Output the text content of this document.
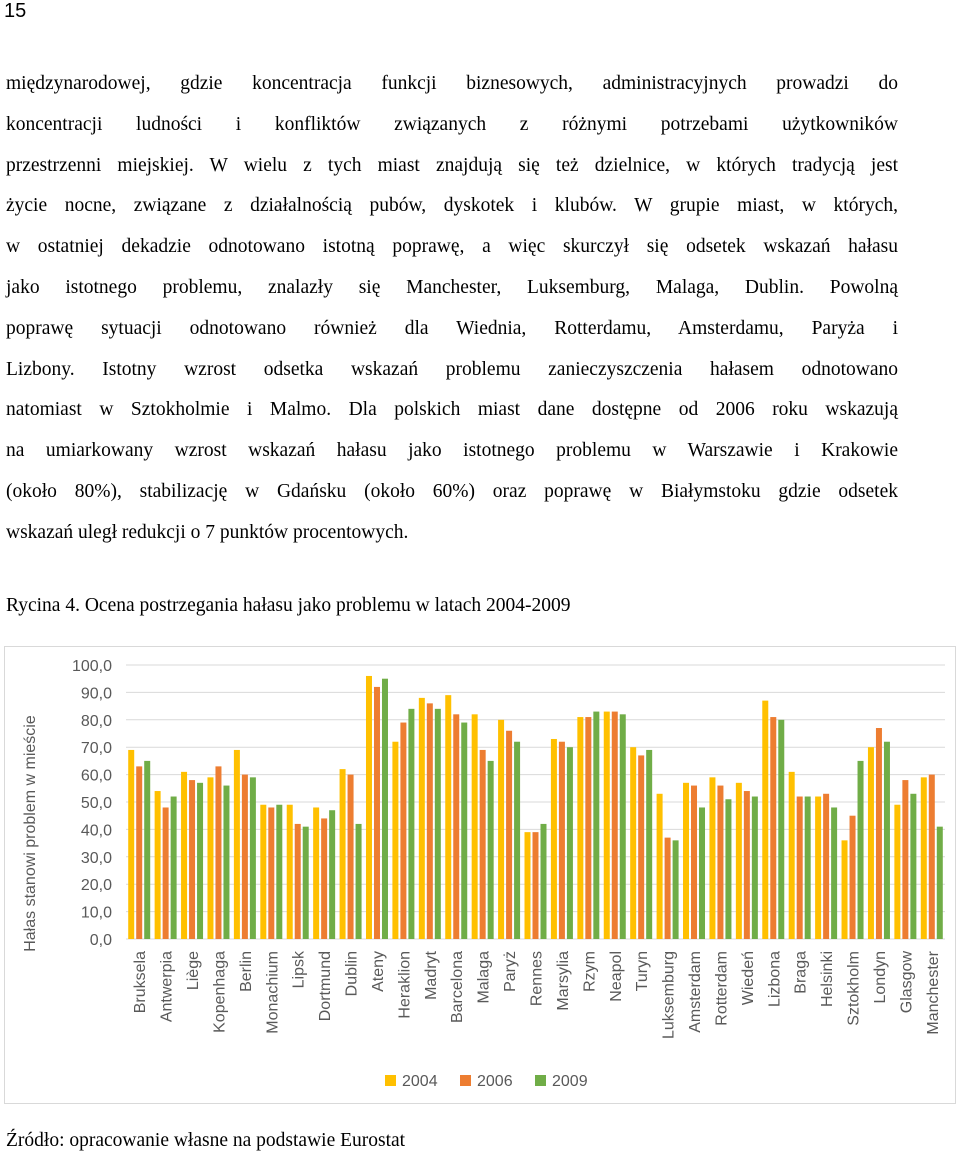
15
międzynarodowej, gdzie koncentracja funkcji biznesowych, administracyjnych prowadzi do
koncentracji ludności i konfliktów związanych z różnymi potrzebami użytkowników
przestrzenni miejskiej. W wielu z tych miast znajdują się też dzielnice, w których tradycją jest
życie nocne, związane z działalnością pubów, dyskotek i klubów. W grupie miast, w których,
w ostatniej dekadzie odnotowano istotną poprawę, a więc skurczył się odsetek wskazań hałasu
jako istotnego problemu, znalazły się Manchester, Luksemburg, Malaga, Dublin. Powolną
poprawę sytuacji odnotowano również dla Wiednia, Rotterdamu, Amsterdamu, Paryża i
Lizbony. Istotny wzrost odsetka wskazań problemu zanieczyszczenia hałasem odnotowano
natomiast w Sztokholmie i Malmo. Dla polskich miast dane dostępne od 2006 roku wskazują
na umiarkowany wzrost wskazań hałasu jako istotnego problemu w Warszawie i Krakowie
(około 80%), stabilizację w Gdańsku (około 60%) oraz poprawę w Białymstoku gdzie odsetek
wskazań uległ redukcji o 7 punktów procentowych.
Rycina 4. Ocena postrzegania hałasu jako problemu w latach 2004-2009
100,0
90,0
80,0
70,0
60,0
50,0
40,0
30,0
20,0
10,0
0,0
Hałas stanowi problem w mieście
Bruksela Antwerpia Liège Kopenhaga Berlin Monachium Lipsk Dortmund Dublin Ateny Heraklion Madryt Barcelona Malaga Paryż Rennes Marsylia Rzym Neapol Turyn Luksemburg Amsterdam Rotterdam Wiedeń Lizbona Braga Helsinki Sztokholm Londyn Glasgow Manchester
2004 2006 2009
Źródło: opracowanie własne na podstawie Eurostat
